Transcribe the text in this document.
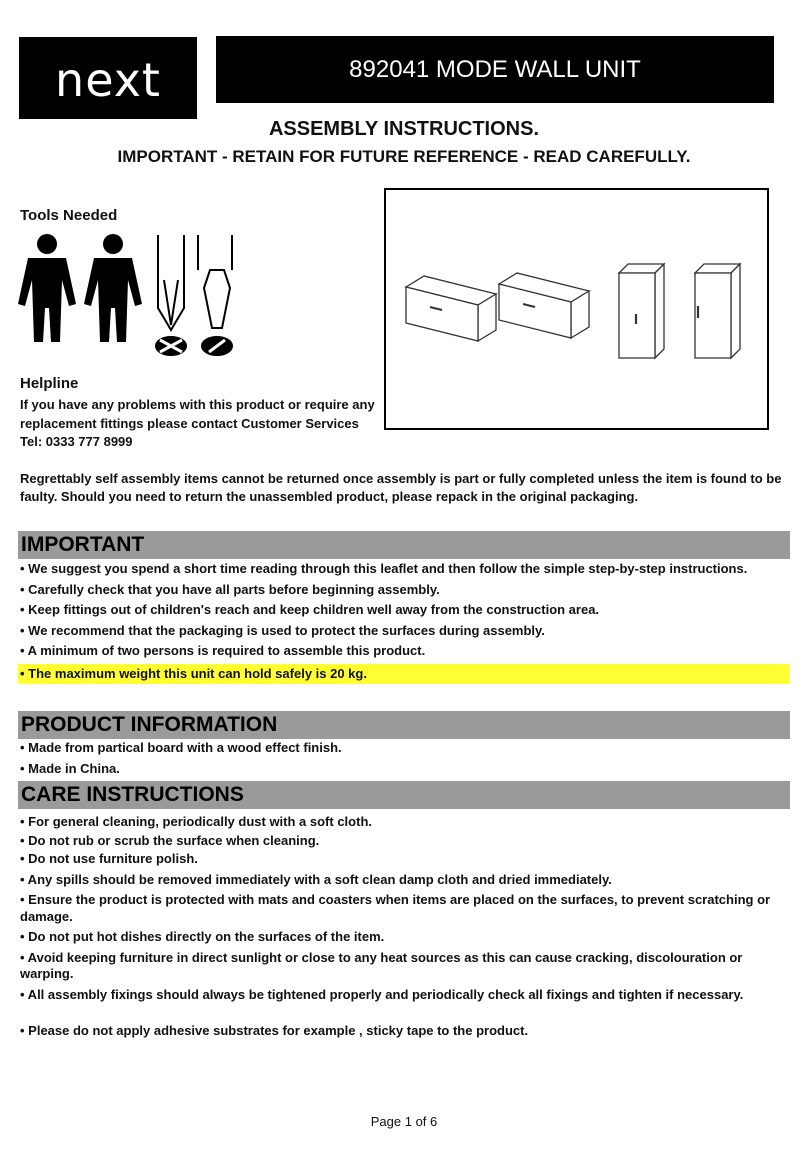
next	892041 MODE WALL UNIT
ASSEMBLY INSTRUCTIONS.
IMPORTANT - RETAIN FOR FUTURE REFERENCE - READ CAREFULLY.
Tools Needed
Helpline
If you have any problems with this product or require any replacement fittings please contact Customer Services Tel: 0333 777 8999
Regrettably self assembly items cannot be returned once assembly is part or fully completed unless the item is found to be faulty. Should you need to return the unassembled product, please repack in the original packaging.
IMPORTANT
• We suggest you spend a short time reading through this leaflet and then follow the simple step-by-step instructions.
• Carefully check that you have all parts before beginning assembly.
• Keep fittings out of children's reach and keep children well away from the construction area.
• We recommend that the packaging is used to protect the surfaces during assembly.
• A minimum of two persons is required to assemble this product.
• The maximum weight this unit can hold safely is 20 kg.
PRODUCT INFORMATION
• Made from partical board with a wood effect finish.
• Made in China.
CARE INSTRUCTIONS
• For general cleaning, periodically dust with a soft cloth.
• Do not rub or scrub the surface when cleaning.
• Do not use furniture polish.
• Any spills should be removed immediately with a soft clean damp cloth and dried immediately.
• Ensure the product is protected with mats and coasters when items are placed on the surfaces, to prevent scratching or damage.
• Do not put hot dishes directly on the surfaces of the item.
• Avoid keeping furniture in direct sunlight or close to any heat sources as this can cause cracking, discolouration or warping.
• All assembly fixings should always be tightened properly and periodically check all fixings and tighten if necessary.
• Please do not apply adhesive substrates for example , sticky tape to the product.
Page 1 of 6
